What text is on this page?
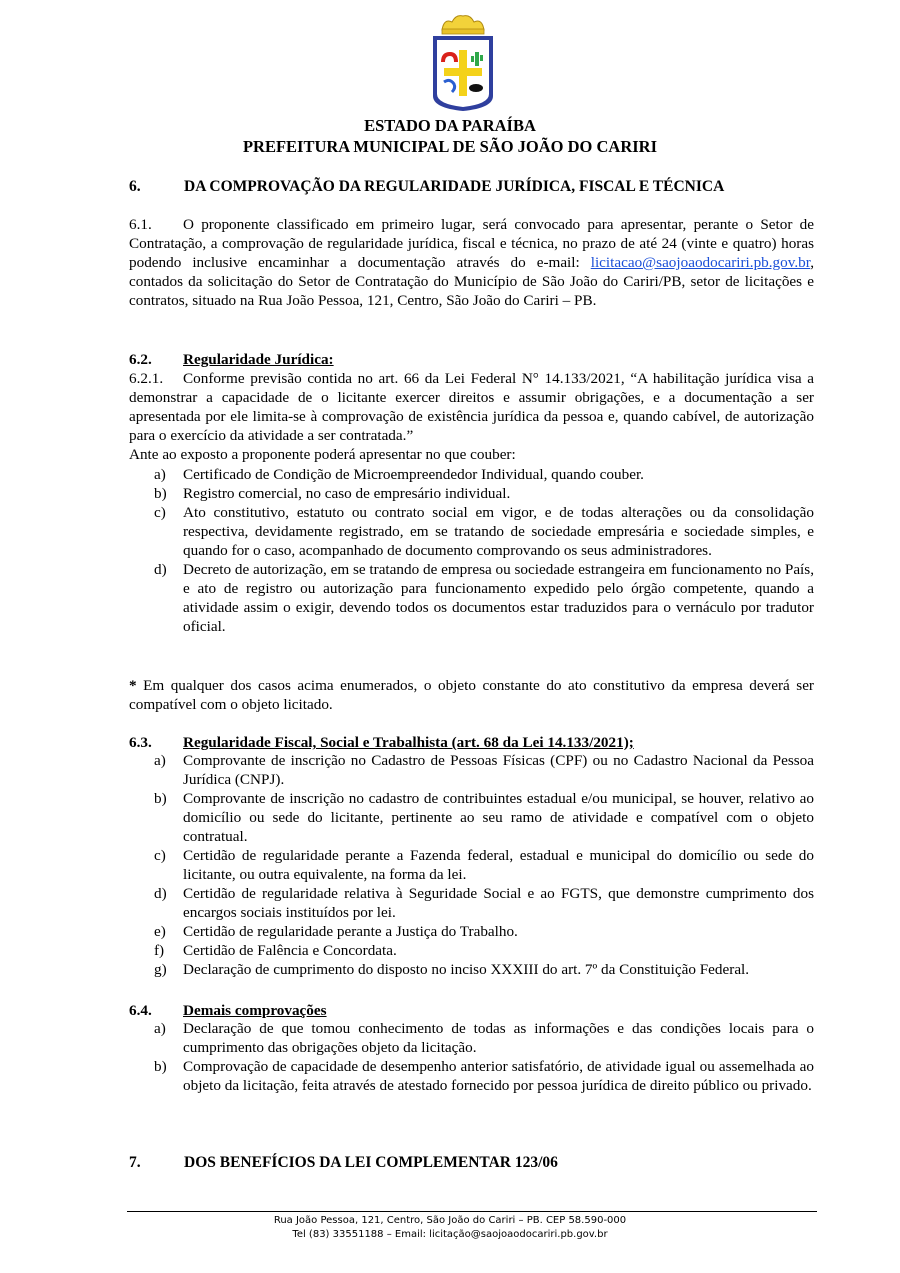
★	★
ESTADO DA PARAÍBA
PREFEITURA MUNICIPAL DE SÃO JOÃO DO CARIRI
6.	DA COMPROVAÇÃO DA REGULARIDADE JURÍDICA, FISCAL E TÉCNICA
6.1. O proponente classificado em primeiro lugar, será convocado para apresentar, perante o Setor de Contratação, a comprovação de regularidade jurídica, fiscal e técnica, no prazo de até 24 (vinte e quatro) horas podendo inclusive encaminhar a documentação através do e-mail: licitacao@saojoaodocariri.pb.gov.br, contados da solicitação do Setor de Contratação do Município de São João do Cariri/PB, setor de licitações e contratos, situado na Rua João Pessoa, 121, Centro, São João do Cariri – PB.
6.2. Regularidade Jurídica:
6.2.1. Conforme previsão contida no art. 66 da Lei Federal N° 14.133/2021, “A habilitação jurídica visa a demonstrar a capacidade de o licitante exercer direitos e assumir obrigações, e a documentação a ser apresentada por ele limita-se à comprovação de existência jurídica da pessoa e, quando cabível, de autorização para o exercício da atividade a ser contratada.”
Ante ao exposto a proponente poderá apresentar no que couber:
a)	Certificado de Condição de Microempreendedor Individual, quando couber.
b)	Registro comercial, no caso de empresário individual.
c)	Ato constitutivo, estatuto ou contrato social em vigor, e de todas alterações ou da consolidação respectiva, devidamente registrado, em se tratando de sociedade empresária e sociedade simples, e quando for o caso, acompanhado de documento comprovando os seus administradores.
d)	Decreto de autorização, em se tratando de empresa ou sociedade estrangeira em funcionamento no País, e ato de registro ou autorização para funcionamento expedido pelo órgão competente, quando a atividade assim o exigir, devendo todos os documentos estar traduzidos para o vernáculo por tradutor oficial.
* Em qualquer dos casos acima enumerados, o objeto constante do ato constitutivo da empresa deverá ser compatível com o objeto licitado.
6.3. Regularidade Fiscal, Social e Trabalhista (art. 68 da Lei 14.133/2021);
a)	Comprovante de inscrição no Cadastro de Pessoas Físicas (CPF) ou no Cadastro Nacional da Pessoa Jurídica (CNPJ).
b)	Comprovante de inscrição no cadastro de contribuintes estadual e/ou municipal, se houver, relativo ao domicílio ou sede do licitante, pertinente ao seu ramo de atividade e compatível com o objeto contratual.
c)	Certidão de regularidade perante a Fazenda federal, estadual e municipal do domicílio ou sede do licitante, ou outra equivalente, na forma da lei.
d)	Certidão de regularidade relativa à Seguridade Social e ao FGTS, que demonstre cumprimento dos encargos sociais instituídos por lei.
e)	Certidão de regularidade perante a Justiça do Trabalho.
f)	Certidão de Falência e Concordata.
g)	Declaração de cumprimento do disposto no inciso XXXIII do art. 7º da Constituição Federal.
6.4. Demais comprovações
a)	Declaração de que tomou conhecimento de todas as informações e das condições locais para o cumprimento das obrigações objeto da licitação.
b)	Comprovação de capacidade de desempenho anterior satisfatório, de atividade igual ou assemelhada ao objeto da licitação, feita através de atestado fornecido por pessoa jurídica de direito público ou privado.
7.	DOS BENEFÍCIOS DA LEI COMPLEMENTAR 123/06
Rua João Pessoa, 121, Centro, São João do Cariri – PB. CEP 58.590-000
Tel (83) 33551188 – Email: licitação@saojoaodocariri.pb.gov.br
